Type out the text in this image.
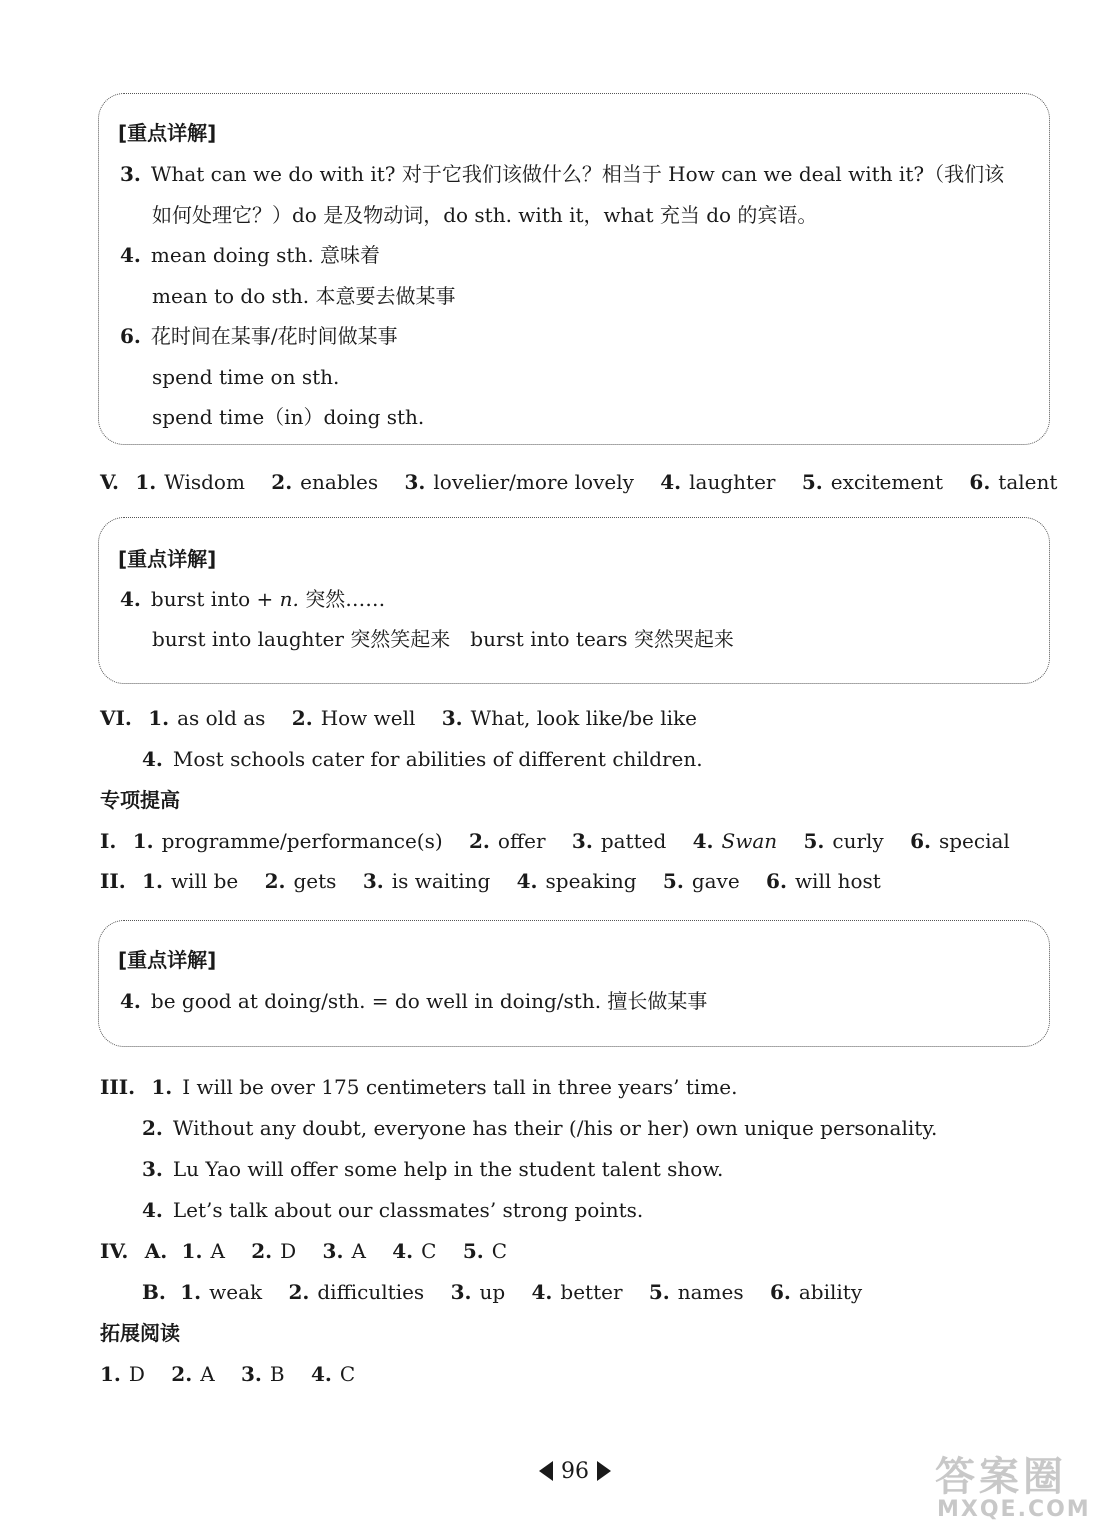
[重点详解]
3. What can we do with it? 对于它我们该做什么？相当于 How can we deal with it?（我们该
如何处理它？）do 是及物动词，do sth. with it，what 充当 do 的宾语。
4. mean doing sth. 意味着
mean to do sth. 本意要去做某事
6. 花时间在某事/花时间做某事
spend time on sth.
spend time（in）doing sth.
V. 1. Wisdom 2. enables 3. lovelier/more lovely 4. laughter 5. excitement 6. talent
[重点详解]
4. burst into + n. 突然……
burst into laughter 突然笑起来　burst into tears 突然哭起来
VI. 1. as old as 2. How well 3. What, look like/be like
4. Most schools cater for abilities of different children.
专项提高
I. 1. programme/performance(s) 2. offer 3. patted 4. Swan 5. curly 6. special
II. 1. will be 2. gets 3. is waiting 4. speaking 5. gave 6. will host
[重点详解]
4. be good at doing/sth. = do well in doing/sth. 擅长做某事
III. 1. I will be over 175 centimeters tall in three years’ time.
2. Without any doubt, everyone has their (/his or her) own unique personality.
3. Lu Yao will offer some help in the student talent show.
4. Let’s talk about our classmates’ strong points.
IV. A. 1. A 2. D 3. A 4. C 5. C
B. 1. weak 2. difficulties 3. up 4. better 5. names 6. ability
拓展阅读
1. D 2. A 3. B 4. C
96	答案圈
MXQE.COM
